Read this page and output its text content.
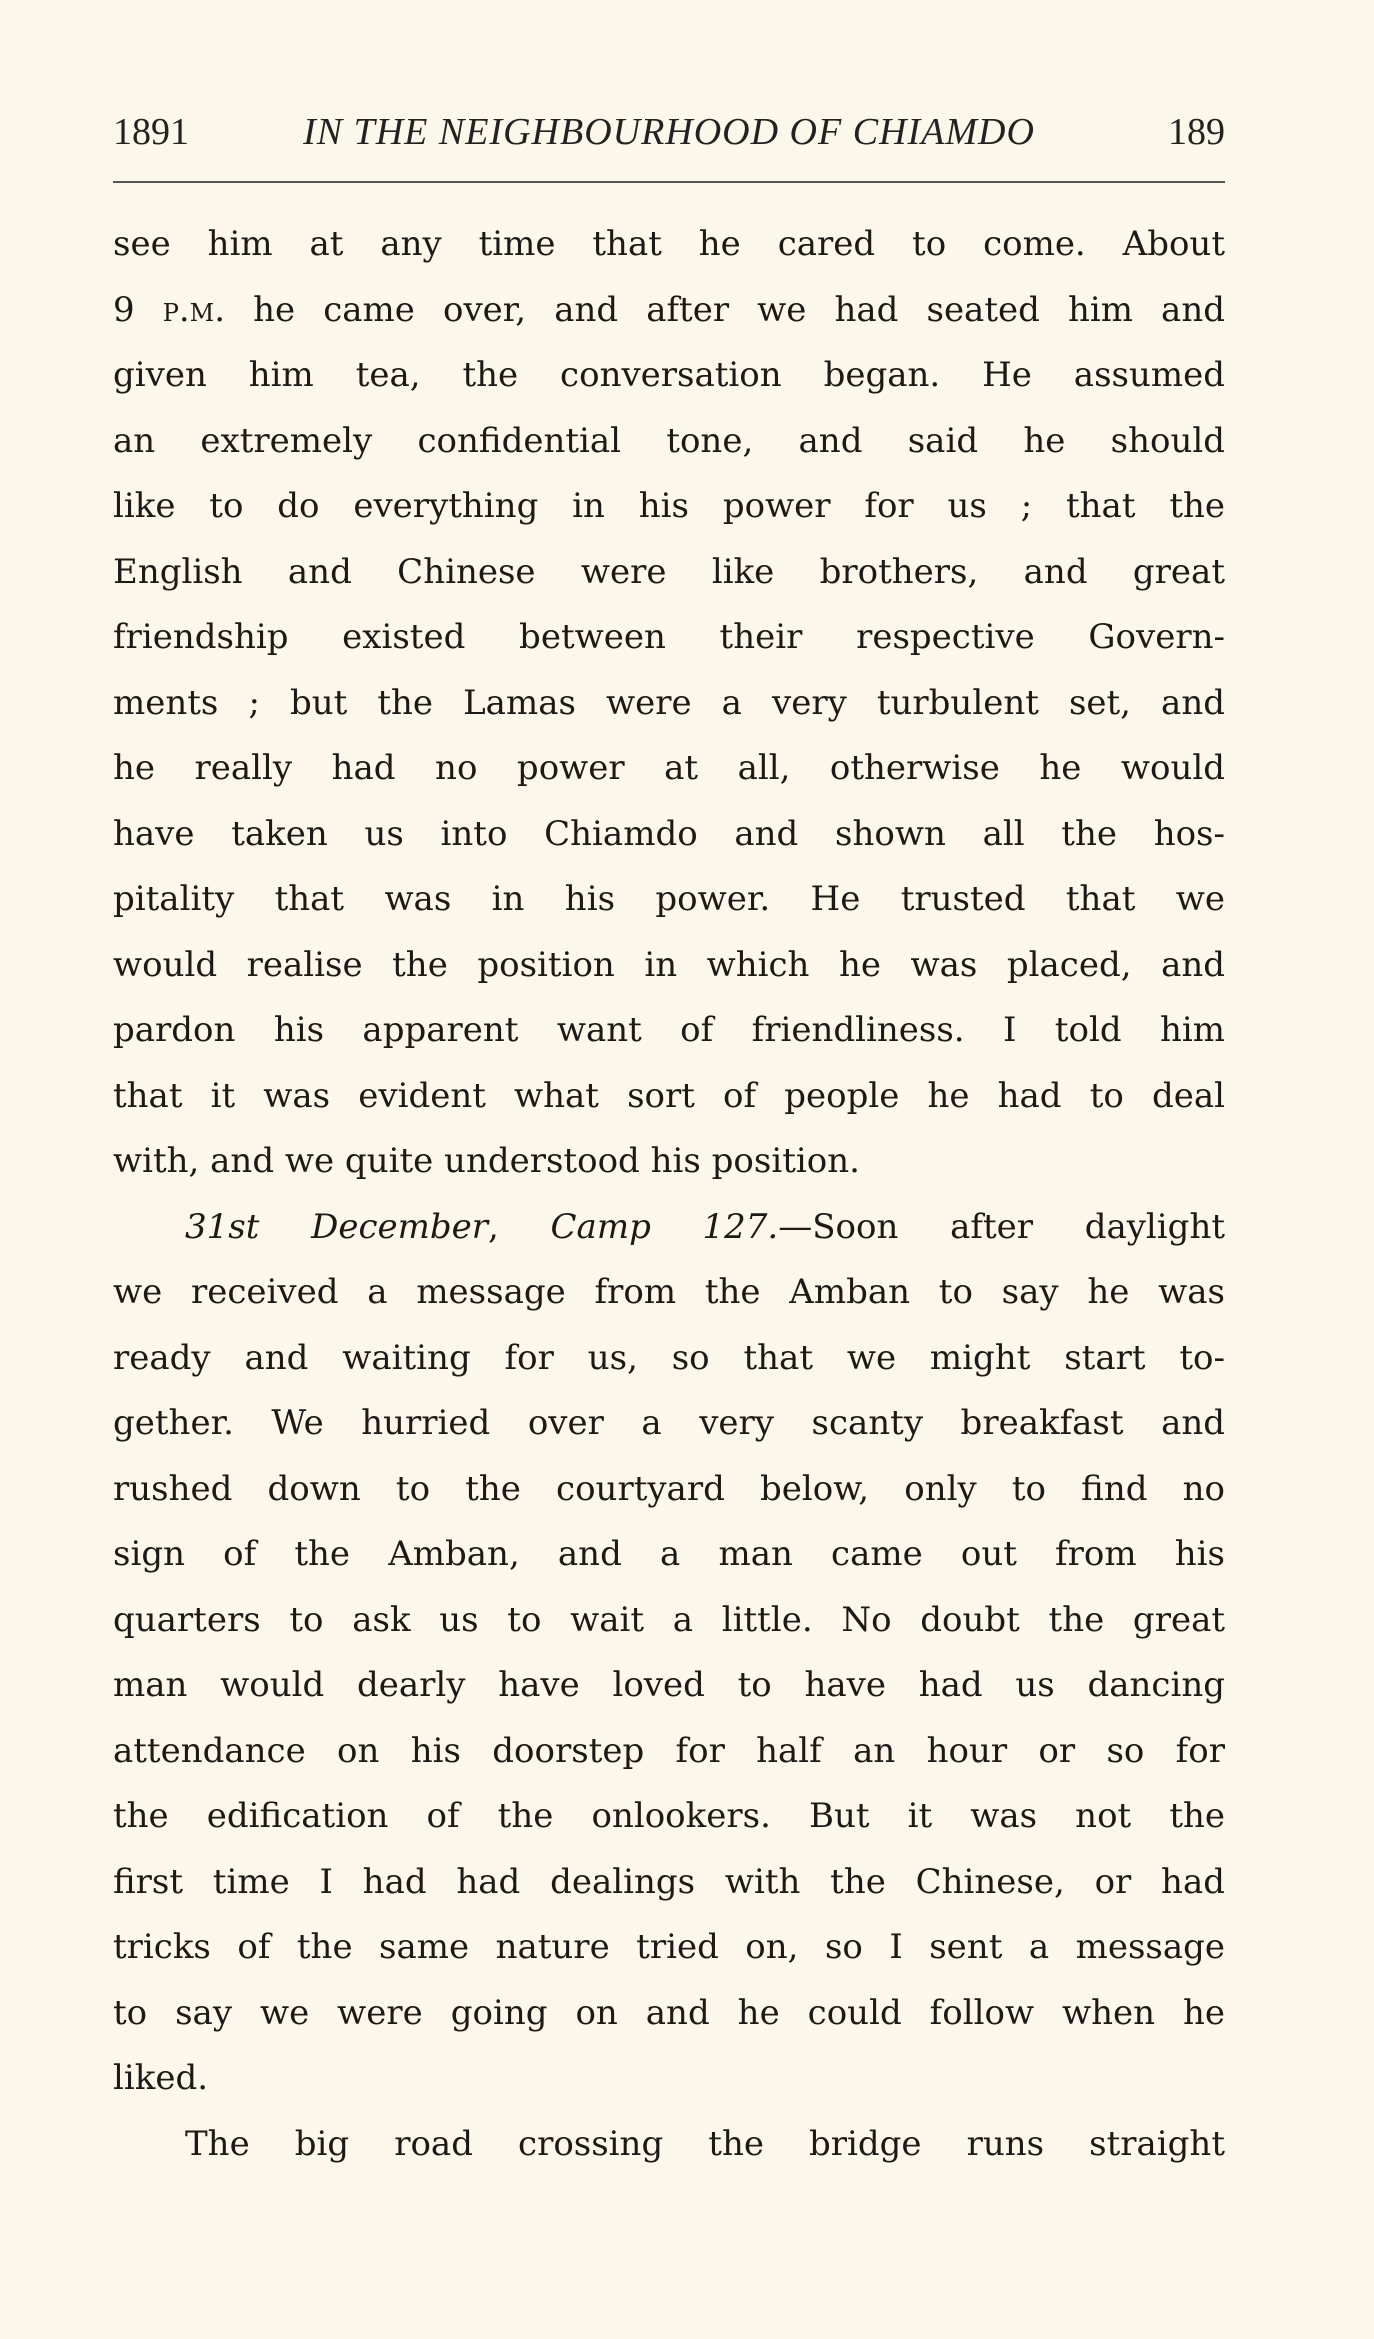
1891	IN THE NEIGHBOURHOOD OF CHIAMDO	189
see him at any time that he cared to come. About
9 p.m. he came over, and after we had seated him and
given him tea, the conversation began. He assumed
an extremely confidential tone, and said he should
like to do everything in his power for us ; that the
English and Chinese were like brothers, and great
friendship existed between their respective Govern-
ments ; but the Lamas were a very turbulent set, and
he really had no power at all, otherwise he would
have taken us into Chiamdo and shown all the hos-
pitality that was in his power. He trusted that we
would realise the position in which he was placed, and
pardon his apparent want of friendliness. I told him
that it was evident what sort of people he had to deal
with, and we quite understood his position.
31st December, Camp 127.—Soon after daylight
we received a message from the Amban to say he was
ready and waiting for us, so that we might start to-
gether. We hurried over a very scanty breakfast and
rushed down to the courtyard below, only to find no
sign of the Amban, and a man came out from his
quarters to ask us to wait a little. No doubt the great
man would dearly have loved to have had us dancing
attendance on his doorstep for half an hour or so for
the edification of the onlookers. But it was not the
first time I had had dealings with the Chinese, or had
tricks of the same nature tried on, so I sent a message
to say we were going on and he could follow when he
liked.
The big road crossing the bridge runs straight
